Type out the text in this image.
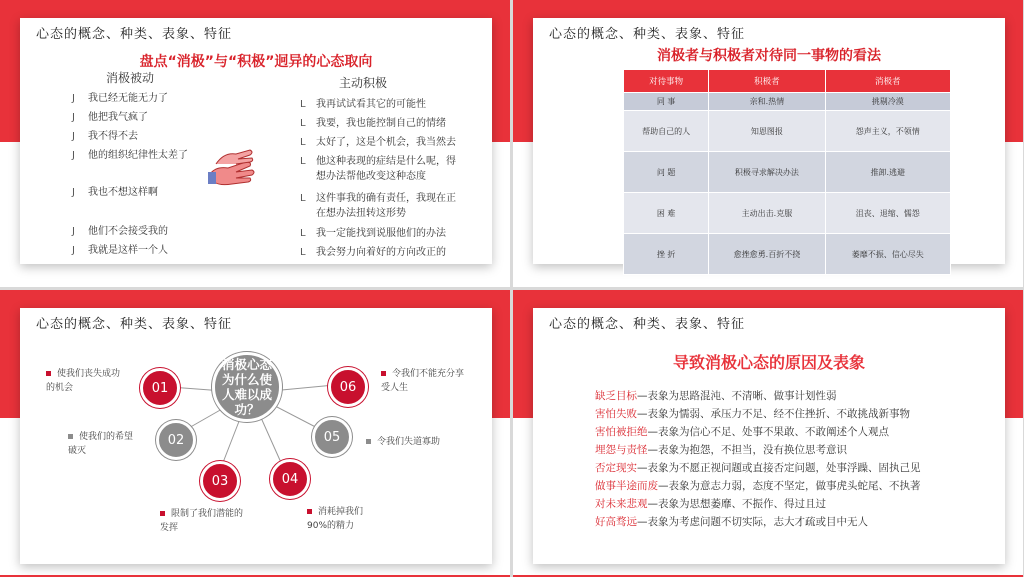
心态的概念、种类、表象、特征
盘点“消极”与“积极”迥异的心态取向
消极被动	主动积极
J 我已经无能无力了
J 他把我气疯了
J 我不得不去
J 他的组织纪律性太差了
J 我也不想这样啊
J 他们不会接受我的
J 我就是这样一个人
L 我再试试看其它的可能性
L 我要，我也能控制自己的情绪
L 太好了，这是个机会，我当然去
L 他这种表现的症结是什么呢，得
想办法帮他改变这种态度
L 这件事我的确有责任，我现在正
在想办法扭转这形势
L 我一定能找到说服他们的办法
L 我会努力向着好的方向改正的
心态的概念、种类、表象、特征
消极者与积极者对待同一事物的看法
对待事物	积极者	消极者
同 事	亲和.热情	挑剔冷漠
帮助自己的人	知恩图报	怨声主义，不领情
问 题	积极寻求解决办法	推卸.逃避
困 难	主动出击.克服	沮丧、退缩、懦怨
挫 折	愈挫愈勇.百折不挠	萎靡不振、信心尽失
心态的概念、种类、表象、特征
01
02
03	04
05
06
消极心态为什么使人难以成功？
使我们丧失成功的机会
使我们的希望破灭
限制了我们潜能的发挥
消耗掉我们90%的精力
令我们失道寡助
令我们不能充分享受人生
心态的概念、种类、表象、特征
导致消极心态的原因及表象
缺乏目标—表象为思路混沌、不清晰、做事计划性弱
害怕失败—表象为懦弱、承压力不足、经不住挫折、不敢挑战新事物
害怕被拒绝—表象为信心不足、处事不果敢、不敢阐述个人观点
埋怨与责怪—表象为抱怨，不担当，没有换位思考意识
否定现实—表象为不愿正视问题或直接否定问题，处事浮躁、固执己见
做事半途而废—表象为意志力弱，态度不坚定，做事虎头蛇尾、不执著
对未来悲观—表象为思想萎靡、不振作、得过且过
好高骛远—表象为考虑问题不切实际，志大才疏或目中无人
